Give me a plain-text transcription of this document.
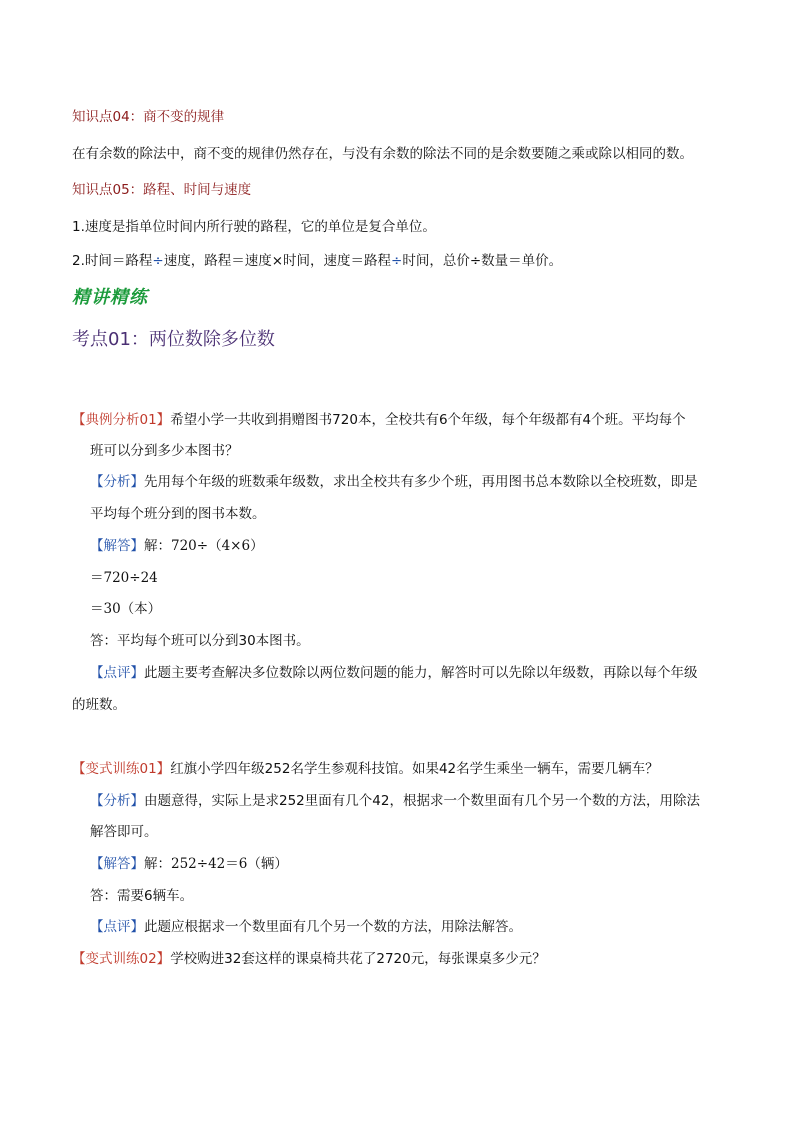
知识点04：商不变的规律
在有余数的除法中，商不变的规律仍然存在，与没有余数的除法不同的是余数要随之乘或除以相同的数。
知识点05：路程、时间与速度
1.速度是指单位时间内所行驶的路程，它的单位是复合单位。
2.时间＝路程÷速度，路程＝速度×时间，速度＝路程÷时间，总价÷数量＝单价。
精讲精练
考点01：两位数除多位数
【典例分析01】希望小学一共收到捐赠图书720本，全校共有6个年级，每个年级都有4个班。平均每个
班可以分到多少本图书？
【分析】先用每个年级的班数乘年级数，求出全校共有多少个班，再用图书总本数除以全校班数，即是
平均每个班分到的图书本数。
【解答】解：720÷（4×6）
＝720÷24
＝30（本）
答：平均每个班可以分到30本图书。
【点评】此题主要考查解决多位数除以两位数问题的能力，解答时可以先除以年级数，再除以每个年级
的班数。
【变式训练01】红旗小学四年级252名学生参观科技馆。如果42名学生乘坐一辆车，需要几辆车？
【分析】由题意得，实际上是求252里面有几个42，根据求一个数里面有几个另一个数的方法，用除法
解答即可。
【解答】解：252÷42＝6（辆）
答：需要6辆车。
【点评】此题应根据求一个数里面有几个另一个数的方法，用除法解答。
【变式训练02】学校购进32套这样的课桌椅共花了2720元，每张课桌多少元？
